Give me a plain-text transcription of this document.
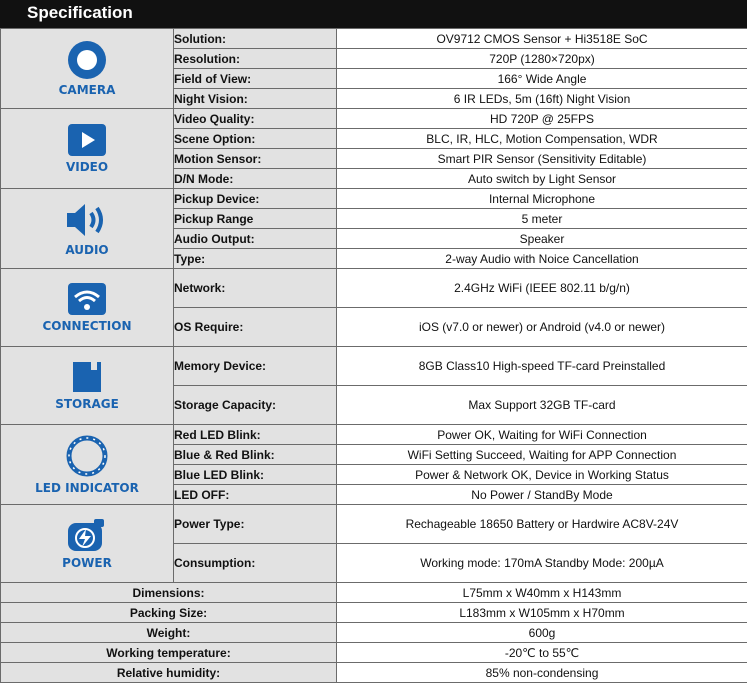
Specification
CAMERA	Solution:	OV9712 CMOS Sensor + Hi3518E SoC
	Resolution:	720P (1280×720px)
	Field of View:	166° Wide Angle
	Night Vision:	6 IR LEDs, 5m (16ft) Night Vision

VIDEO	Video Quality:	HD 720P @ 25FPS
	Scene Option:	BLC, IR, HLC, Motion Compensation, WDR
	Motion Sensor:	Smart PIR Sensor (Sensitivity Editable)
	D/N Mode:	Auto switch by Light Sensor

AUDIO	Pickup Device:	Internal Microphone
	Pickup Range	5 meter
	Audio Output:	Speaker
	Type:	2-way Audio with Noice Cancellation

CONNECTION	Network:	2.4GHz WiFi (IEEE 802.11 b/g/n)
	OS Require:	iOS (v7.0 or newer) or Android (v4.0 or newer)

STORAGE	Memory Device:	8GB Class10 High-speed TF-card Preinstalled
	Storage Capacity:	Max Support 32GB TF-card

LED INDICATOR	Red LED Blink:	Power OK, Waiting for WiFi Connection
	Blue & Red Blink:	WiFi Setting Succeed, Waiting for APP Connection
	Blue LED Blink:	Power & Network OK, Device in Working Status
	LED OFF:	No Power / StandBy Mode

POWER	Power Type:	Rechageable 18650 Battery or Hardwire AC8V-24V
	Consumption:	Working mode: 170mA Standby Mode: 200µA
Dimensions:		L75mm x W40mm x H143mm
Packing Size:		L183mm x W105mm x H70mm
Weight:		600g
Working temperature:		-20℃ to 55℃
Relative humidity:		85% non-condensing
